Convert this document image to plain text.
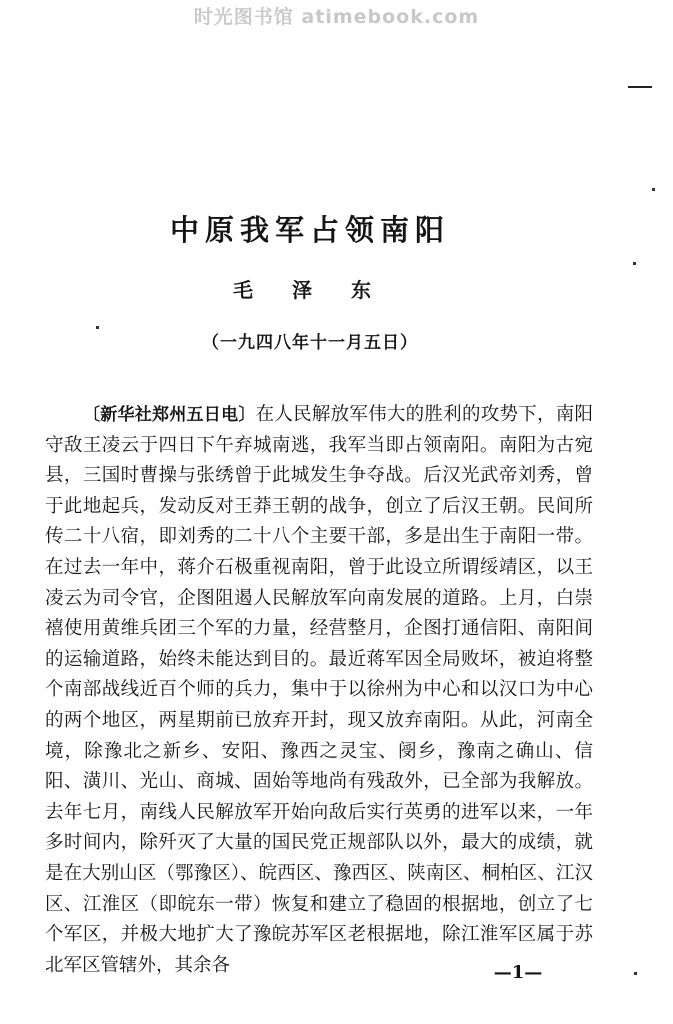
时光图书馆 atimebook.com
中原我军占领南阳
毛 泽 东
（一九四八年十一月五日）

〔新华社郑州五日电〕在人民解放军伟大的胜利的攻势下，南阳守敌王凌云于四日下午弃城南逃，我军当即占领南阳。南阳为古宛县，三国时曹操与张绣曾于此城发生争夺战。后汉光武帝刘秀，曾于此地起兵，发动反对王莽王朝的战争，创立了后汉王朝。民间所传二十八宿，即刘秀的二十八个主要干部，多是出生于南阳一带。在过去一年中，蒋介石极重视南阳，曾于此设立所谓绥靖区，以王凌云为司令官，企图阻遏人民解放军向南发展的道路。上月，白崇禧使用黄维兵团三个军的力量，经营整月，企图打通信阳、南阳间的运输道路，始终未能达到目的。最近蒋军因全局败坏，被迫将整个南部战线近百个师的兵力，集中于以徐州为中心和以汉口为中心的两个地区，两星期前已放弃开封，现又放弃南阳。从此，河南全境，除豫北之新乡、安阳、豫西之灵宝、阌乡，豫南之确山、信阳、潢川、光山、商城、固始等地尚有残敌外，已全部为我解放。去年七月，南线人民解放军开始向敌后实行英勇的进军以来，一年多时间内，除歼灭了大量的国民党正规部队以外，最大的成绩，就是在大别山区（鄂豫区）、皖西区、豫西区、陕南区、桐柏区、江汉区、江淮区（即皖东一带）恢复和建立了稳固的根据地，创立了七个军区，并极大地扩大了豫皖苏军区老根据地，除江淮军区属于苏北军区管辖外，其余各	—1—
